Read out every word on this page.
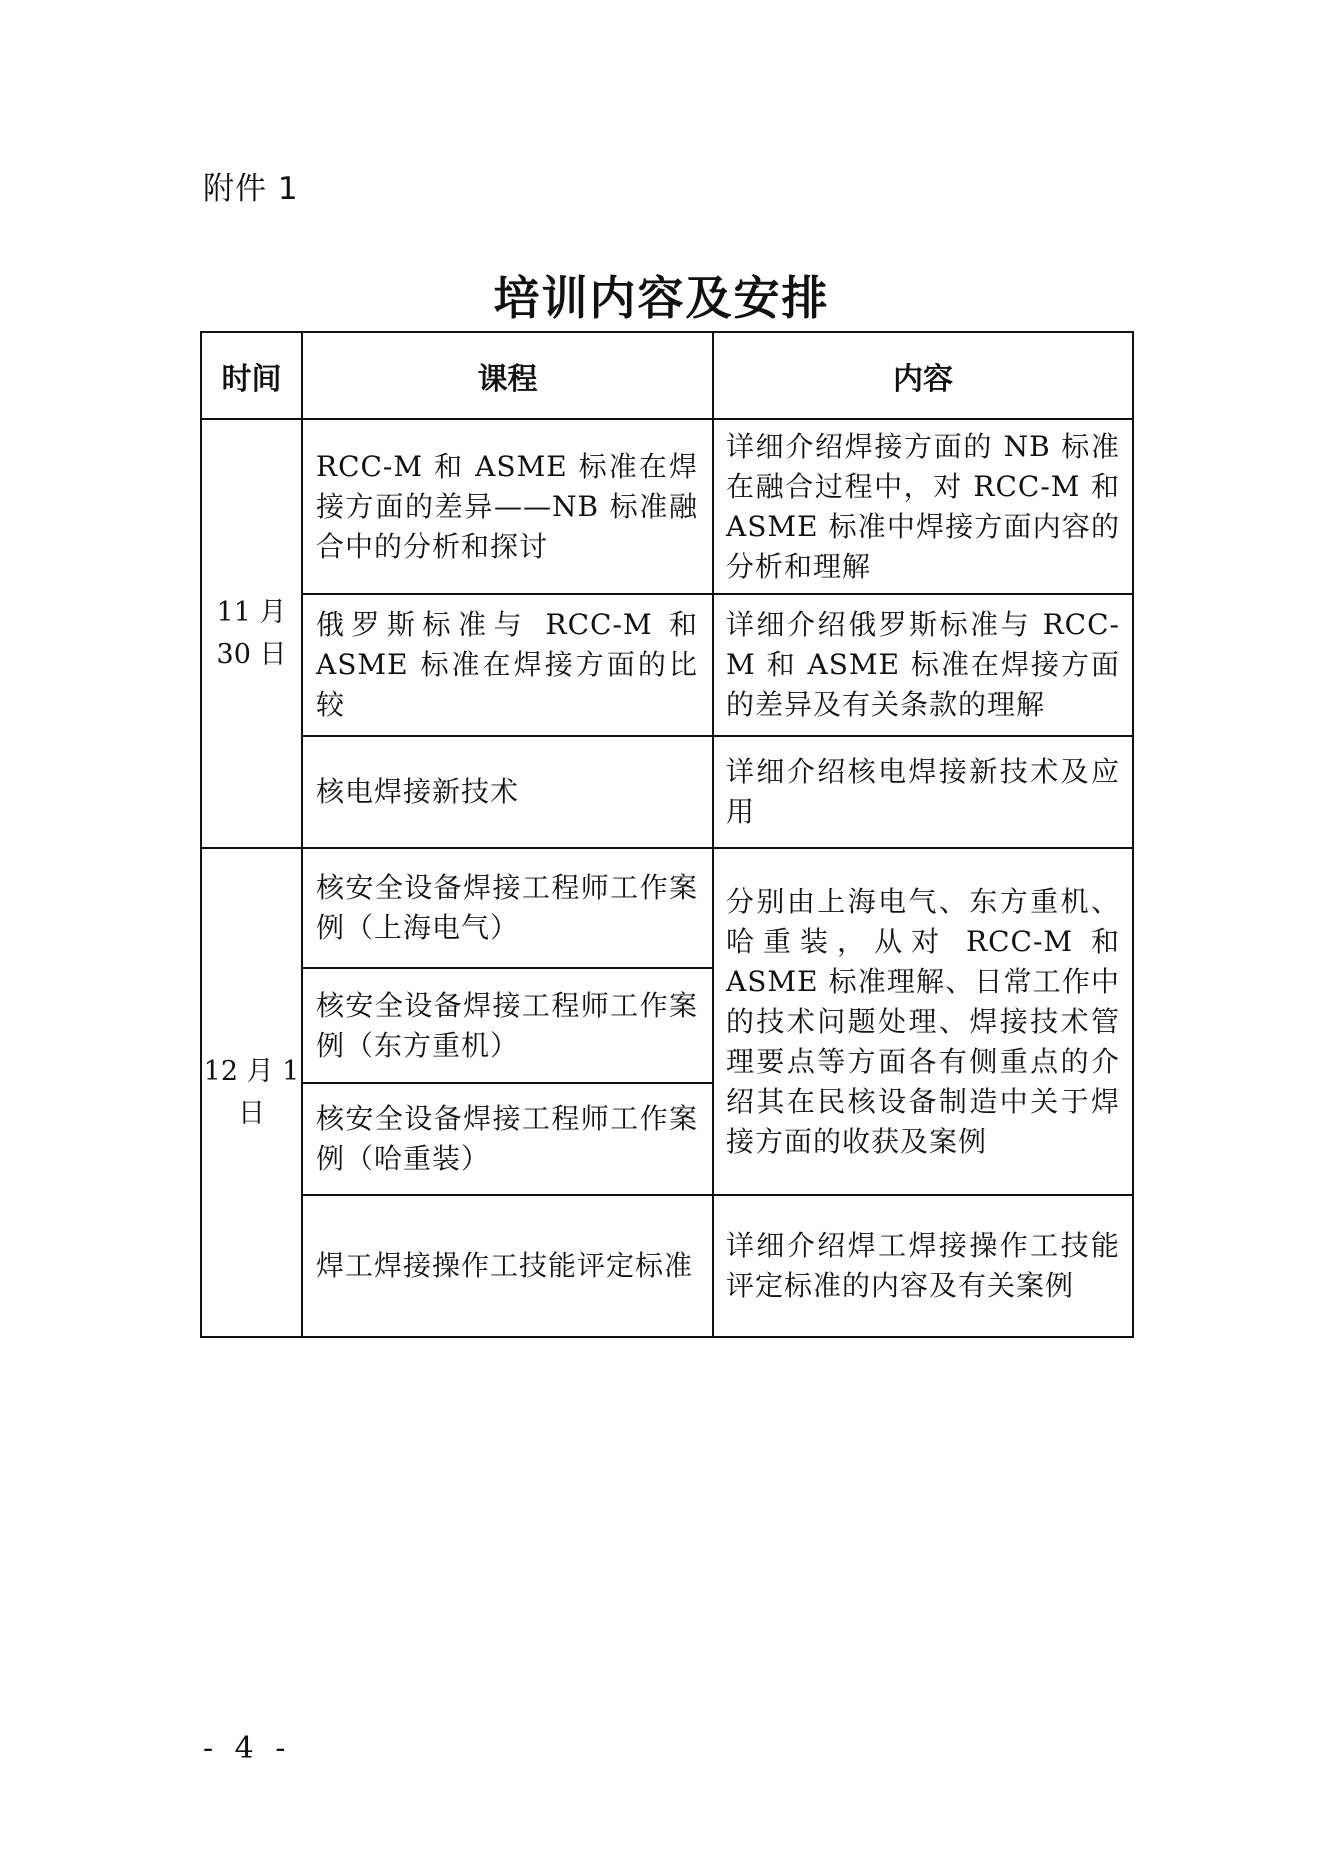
附件 1
培训内容及安排
时间	课程	内容
11 月 30 日	RCC-M 和 ASME 标准在焊接方面的差异——NB 标准融合中的分析和探讨	详细介绍焊接方面的 NB 标准在融合过程中，对 RCC-M 和 ASME 标准中焊接方面内容的分析和理解
	俄罗斯标准与 RCC-M 和 ASME 标准在焊接方面的比较	详细介绍俄罗斯标准与 RCC-M 和 ASME 标准在焊接方面的差异及有关条款的理解
	核电焊接新技术	详细介绍核电焊接新技术及应用
12 月 1 日	核安全设备焊接工程师工作案例（上海电气）	分别由上海电气、东方重机、哈重装，从对 RCC-M 和 ASME 标准理解、日常工作中的技术问题处理、焊接技术管理要点等方面各有侧重点的介绍其在民核设备制造中关于焊接方面的收获及案例
	核安全设备焊接工程师工作案例（东方重机）	
	核安全设备焊接工程师工作案例（哈重装）	
	焊工焊接操作工技能评定标准	详细介绍焊工焊接操作工技能评定标准的内容及有关案例
- 4 -
